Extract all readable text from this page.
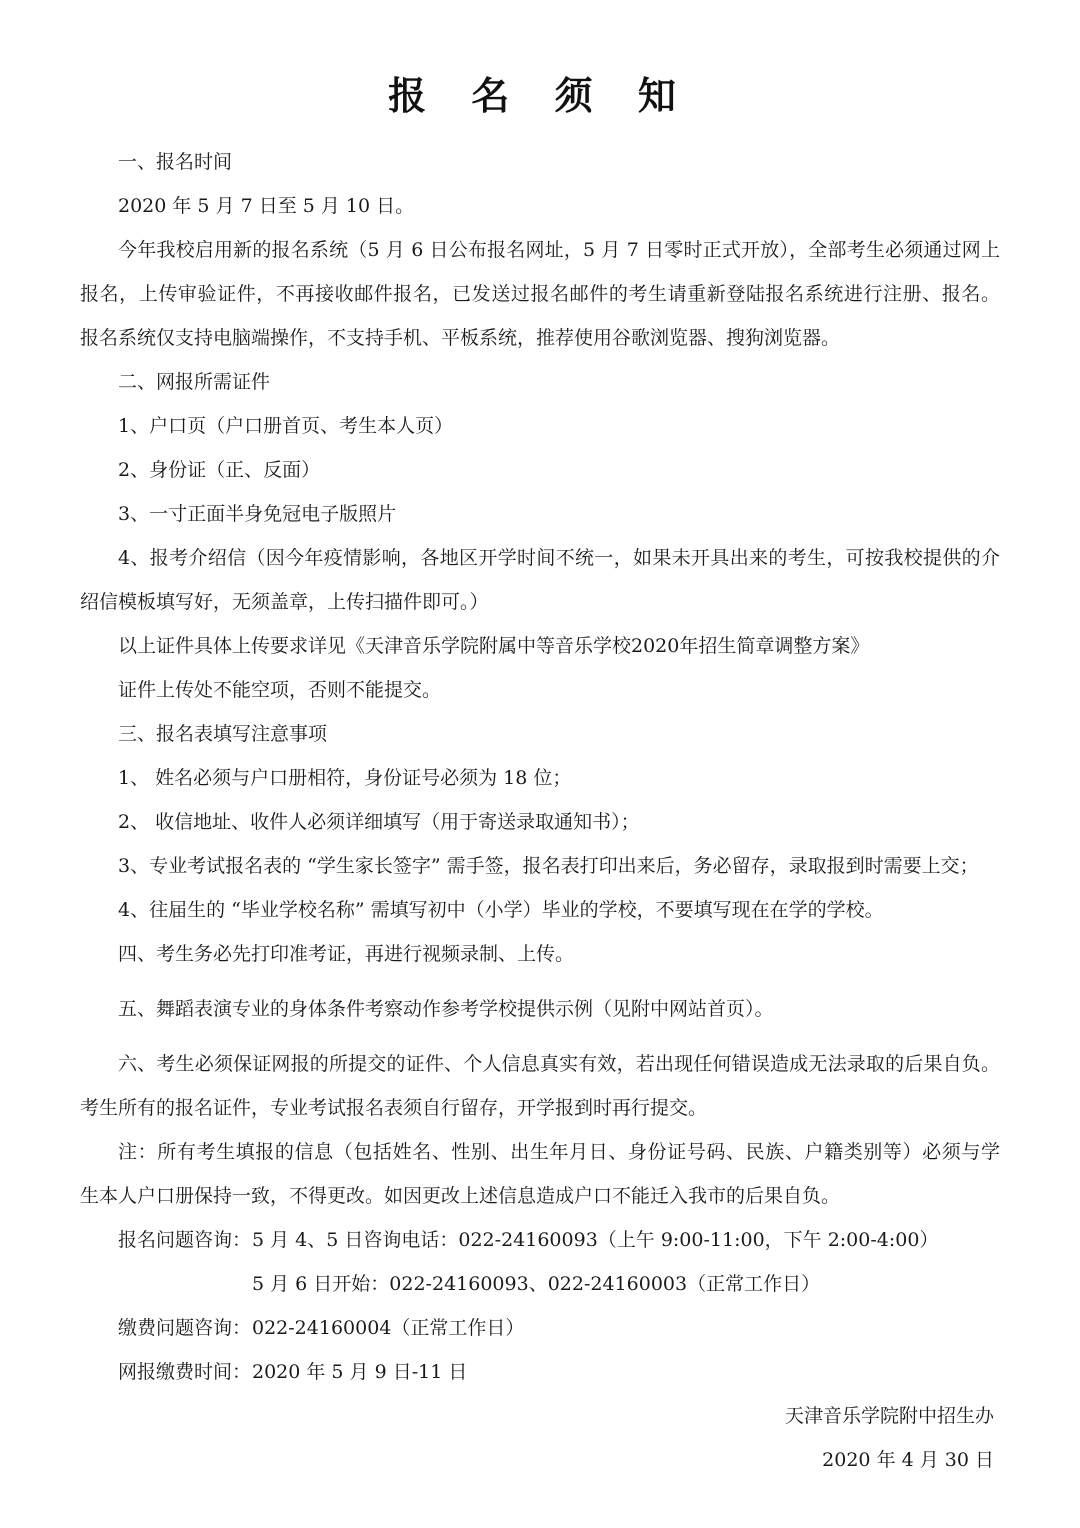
报 名 须 知
一、报名时间
2020 年 5 月 7 日至 5 月 10 日。
今年我校启用新的报名系统（5 月 6 日公布报名网址，5 月 7 日零时正式开放），全部考生必须通过网上
报名，上传审验证件，不再接收邮件报名，已发送过报名邮件的考生请重新登陆报名系统进行注册、报名。
报名系统仅支持电脑端操作，不支持手机、平板系统，推荐使用谷歌浏览器、搜狗浏览器。
二、网报所需证件
1、户口页（户口册首页、考生本人页）
2、身份证（正、反面）
3、一寸正面半身免冠电子版照片
4、报考介绍信（因今年疫情影响，各地区开学时间不统一，如果未开具出来的考生，可按我校提供的介
绍信模板填写好，无须盖章，上传扫描件即可。）
以上证件具体上传要求详见《天津音乐学院附属中等音乐学校2020年招生简章调整方案》
证件上传处不能空项，否则不能提交。
三、报名表填写注意事项
1、 姓名必须与户口册相符，身份证号必须为 18 位；
2、 收信地址、收件人必须详细填写（用于寄送录取通知书）；
3、专业考试报名表的 “学生家长签字” 需手签，报名表打印出来后，务必留存，录取报到时需要上交；
4、往届生的 “毕业学校名称” 需填写初中（小学）毕业的学校，不要填写现在在学的学校。
四、考生务必先打印准考证，再进行视频录制、上传。
五、舞蹈表演专业的身体条件考察动作参考学校提供示例（见附中网站首页）。
六、考生必须保证网报的所提交的证件、个人信息真实有效，若出现任何错误造成无法录取的后果自负。
考生所有的报名证件，专业考试报名表须自行留存，开学报到时再行提交。
注：所有考生填报的信息（包括姓名、性别、出生年月日、身份证号码、民族、户籍类别等）必须与学
生本人户口册保持一致，不得更改。如因更改上述信息造成户口不能迁入我市的后果自负。
报名问题咨询： 5 月 4、5 日咨询电话：022-24160093（上午 9:00-11:00，下午 2:00-4:00）
5 月 6 日开始：022-24160093、022-24160003（正常工作日）
缴费问题咨询： 022-24160004（正常工作日）
网报缴费时间： 2020 年 5 月 9 日-11 日
天津音乐学院附中招生办
2020 年 4 月 30 日
